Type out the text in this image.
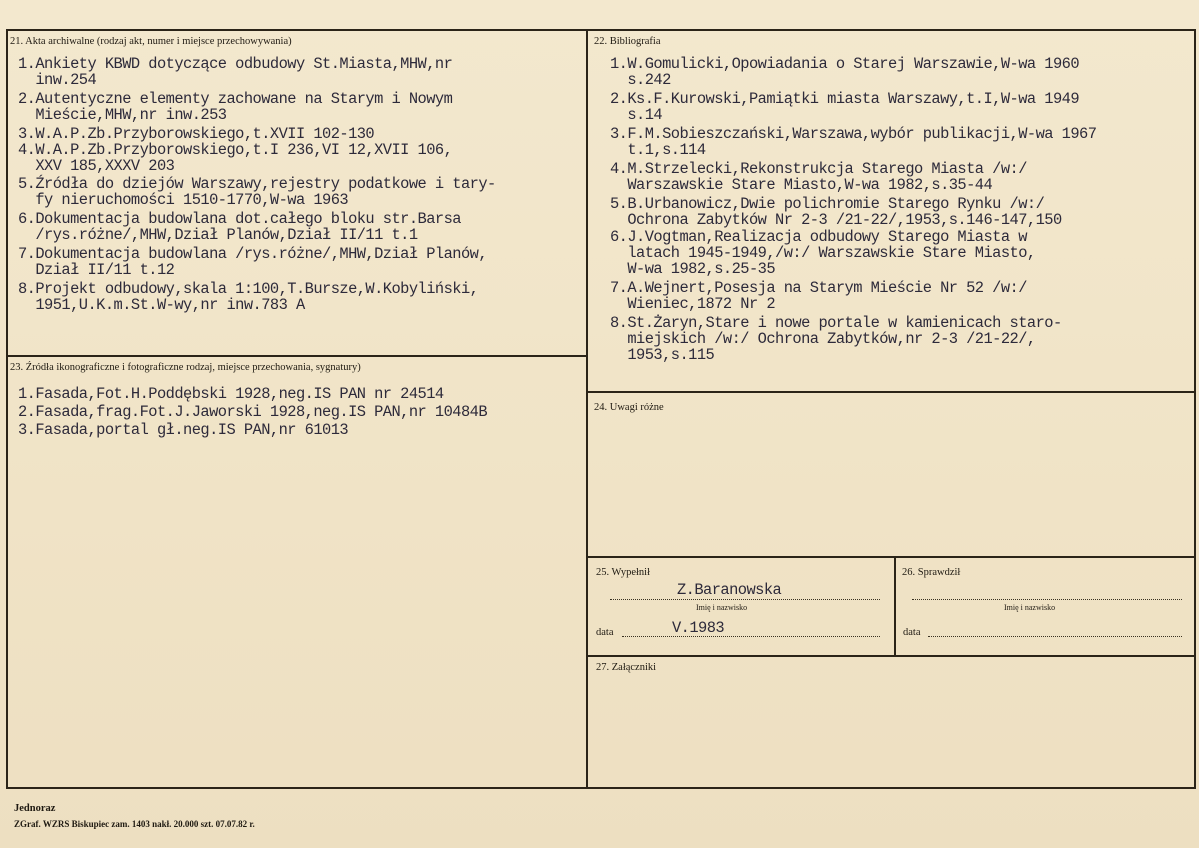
21. Akta archiwalne (rodzaj akt, numer i miejsce przechowywania)
1.Ankiety KBWD dotyczące odbudowy St.Miasta,MHW,nr
inw.254
2.Autentyczne elementy zachowane na Starym i Nowym
Mieście,MHW,nr inw.253
3.W.A.P.Zb.Przyborowskiego,t.XVII 102-130
4.W.A.P.Zb.Przyborowskiego,t.I 236,VI 12,XVII 106,
XXV 185,XXXV 203
5.Źródła do dziejów Warszawy,rejestry podatkowe i tary-
fy nieruchomości 1510-1770,W-wa 1963
6.Dokumentacja budowlana dot.całego bloku str.Barsa
/rys.różne/,MHW,Dział Planów,Dział II/11 t.1
7.Dokumentacja budowlana /rys.różne/,MHW,Dział Planów,
Dział II/11 t.12
8.Projekt odbudowy,skala 1:100,T.Bursze,W.Kobyliński,
1951,U.K.m.St.W-wy,nr inw.783 A
22. Bibliografia
1.W.Gomulicki,Opowiadania o Starej Warszawie,W-wa 1960
s.242
2.Ks.F.Kurowski,Pamiątki miasta Warszawy,t.I,W-wa 1949
s.14
3.F.M.Sobieszczański,Warszawa,wybór publikacji,W-wa 1967
t.1,s.114
4.M.Strzelecki,Rekonstrukcja Starego Miasta /w:/
Warszawskie Stare Miasto,W-wa 1982,s.35-44
5.B.Urbanowicz,Dwie polichromie Starego Rynku /w:/
Ochrona Zabytków Nr 2-3 /21-22/,1953,s.146-147,150
6.J.Vogtman,Realizacja odbudowy Starego Miasta w
latach 1945-1949,/w:/ Warszawskie Stare Miasto,
W-wa 1982,s.25-35
7.A.Wejnert,Posesja na Starym Mieście Nr 52 /w:/
Wieniec,1872 Nr 2
8.St.Żaryn,Stare i nowe portale w kamienicach staro-
miejskich /w:/ Ochrona Zabytków,nr 2-3 /21-22/,
1953,s.115
23. Źródła ikonograficzne i fotograficzne rodzaj, miejsce przechowania, sygnatury)
1.Fasada,Fot.H.Poddębski 1928,neg.IS PAN nr 24514
2.Fasada,frag.Fot.J.Jaworski 1928,neg.IS PAN,nr 10484B
3.Fasada,portal gł.neg.IS PAN,nr 61013
24. Uwagi różne
25. Wypełnił
Z.Baranowska
Imię i nazwisko
data	V.1983
26. Sprawdził
Imię i nazwisko
data
27. Załączniki
Jednoraz
ZGraf. WZRS Biskupiec zam. 1403 nakł. 20.000 szt. 07.07.82 r.
